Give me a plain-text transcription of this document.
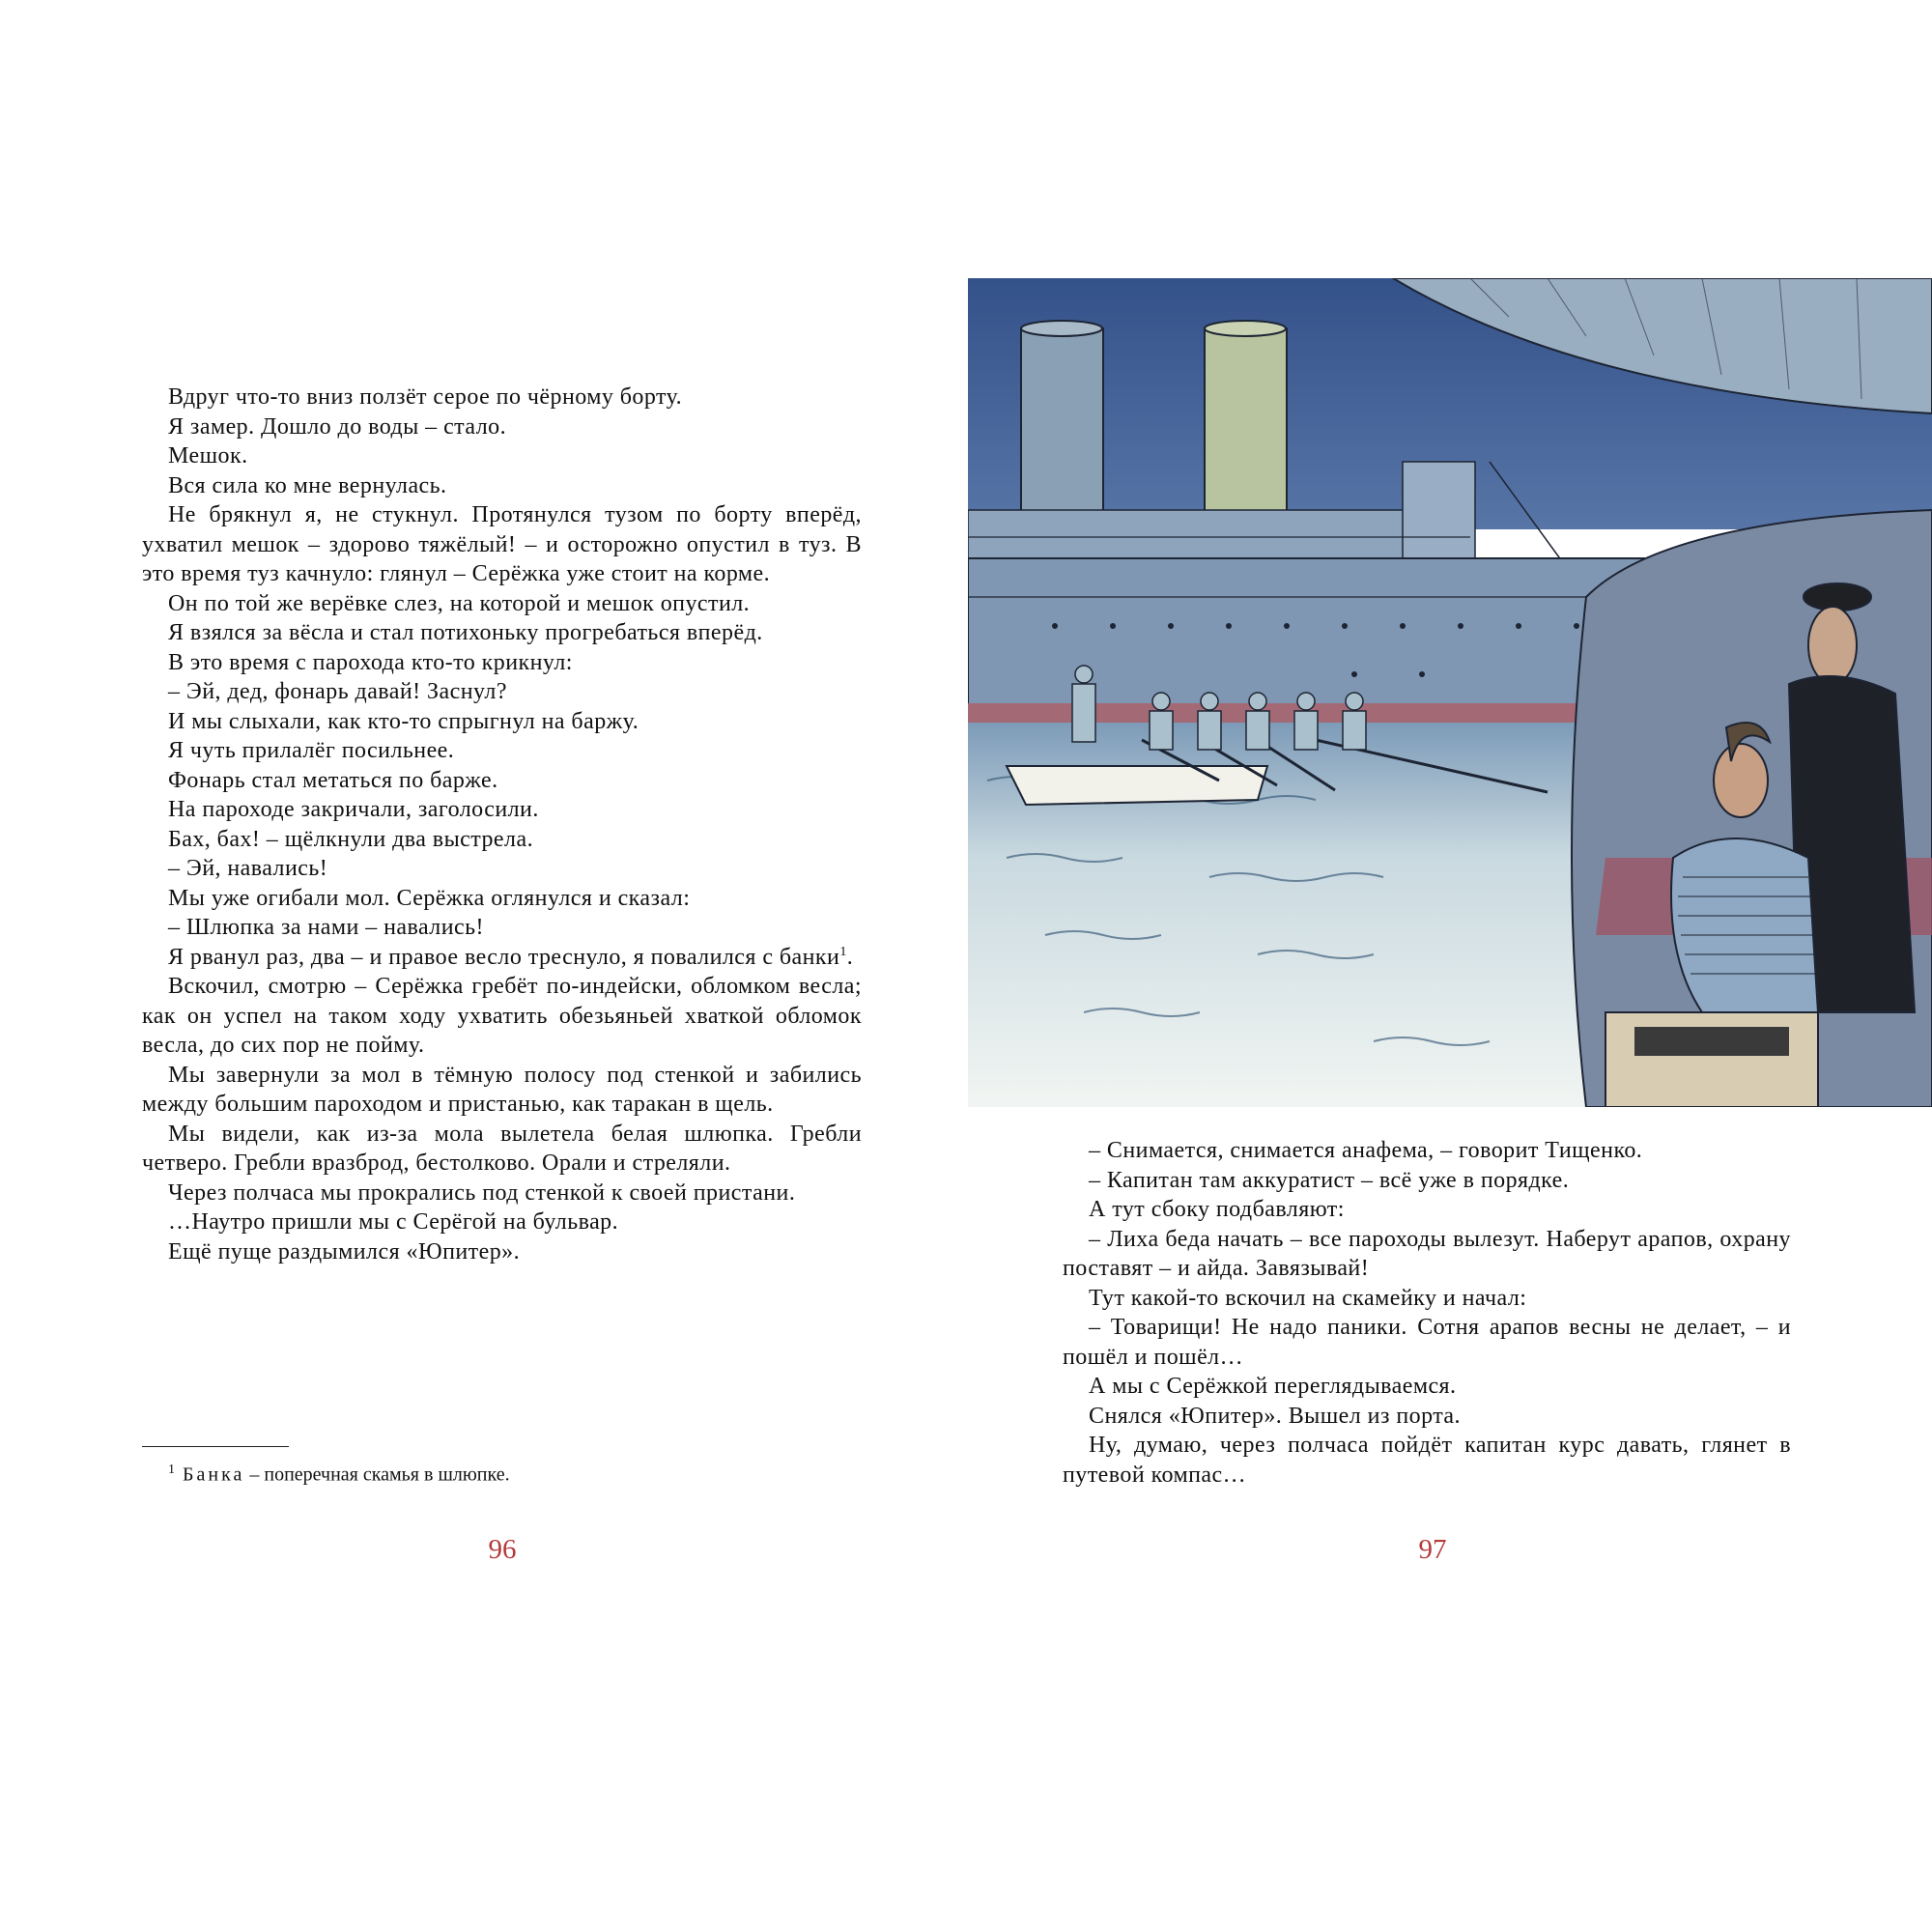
Вдруг что-то вниз ползёт серое по чёрному борту.

Я замер. Дошло до воды – стало.

Мешок.

Вся сила ко мне вернулась.

Не брякнул я, не стукнул. Протянулся тузом по борту вперёд, ухватил мешок – здорово тяжёлый! – и осторожно опустил в туз. В это время туз качнуло: глянул – Серёжка уже стоит на корме.

Он по той же верёвке слез, на которой и мешок опустил.

Я взялся за вёсла и стал потихоньку прогребаться вперёд.

В это время с парохода кто-то крикнул:

– Эй, дед, фонарь давай! Заснул?

И мы слыхали, как кто-то спрыгнул на баржу.

Я чуть прилалёг посильнее.

Фонарь стал метаться по барже.

На пароходе закричали, заголосили.

Бах, бах! – щёлкнули два выстрела.

– Эй, навались!

Мы уже огибали мол. Серёжка оглянулся и сказал:

– Шлюпка за нами – навались!

Я рванул раз, два – и правое весло треснуло, я повалился с банки$^1$.

Вскочил, смотрю – Серёжка гребёт по-индейски, обломком весла; как он успел на таком ходу ухватить обезьяньей хваткой обломок весла, до сих пор не пойму.

Мы завернули за мол в тёмную полосу под стенкой и забились между большим пароходом и пристанью, как таракан в щель.

Мы видели, как из-за мола вылетела белая шлюпка. Гребли четверо. Гребли вразброд, бестолково. Орали и стреляли.

Через полчаса мы прокрались под стенкой к своей пристани.

…Наутро пришли мы с Серёгой на бульвар.

Ещё пуще раздымился «Юпитер».

$^1$ Банка – поперечная скамья в шлюпке.

96

– Снимается, снимается анафема, – говорит Тищенко.

– Капитан там аккуратист – всё уже в порядке.

А тут сбоку подбавляют:

– Лиха беда начать – все пароходы вылезут. Наберут арапов, охрану поставят – и айда. Завязывай!

Тут какой-то вскочил на скамейку и начал:

– Товарищи! Не надо паники. Сотня арапов весны не делает, – и пошёл и пошёл…

А мы с Серёжкой переглядываемся.

Снялся «Юпитер». Вышел из порта.

Ну, думаю, через полчаса пойдёт капитан курс давать, глянет в путевой компас…

97
